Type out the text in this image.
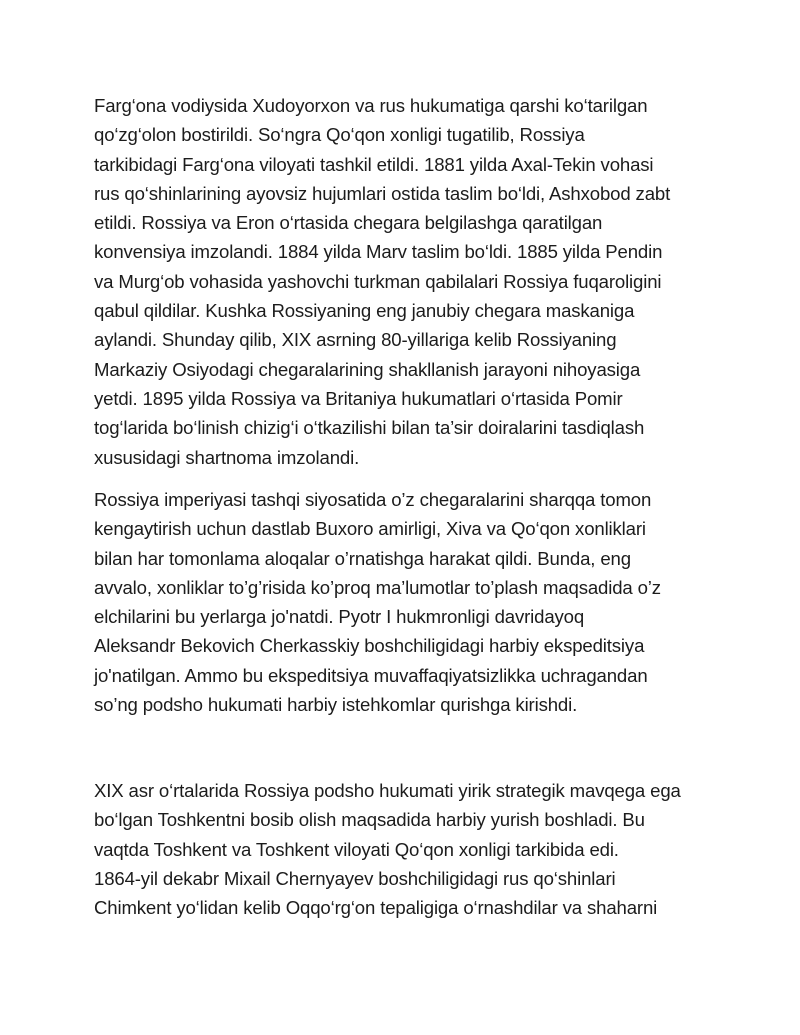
Farg‘ona vodiysida Xudoyorxon va rus hukumatiga qarshi ko‘tarilgan
qo‘zg‘olon bostirildi. So‘ngra Qo‘qon xonligi tugatilib, Rossiya
tarkibidagi Farg‘ona viloyati tashkil etildi. 1881 yilda Axal-Tekin vohasi
rus qo‘shinlarining ayovsiz hujumlari ostida taslim bo‘ldi, Ashxobod zabt
etildi. Rossiya va Eron o‘rtasida chegara belgilashga qaratilgan
konvensiya imzolandi. 1884 yilda Marv taslim bo‘ldi. 1885 yilda Pendin
va Murg‘ob vohasida yashovchi turkman qabilalari Rossiya fuqaroligini
qabul qildilar. Kushka Rossiyaning eng janubiy chegara maskaniga
aylandi. Shunday qilib, XIX asrning 80-yillariga kelib Rossiyaning
Markaziy Osiyodagi chegaralarining shakllanish jarayoni nihoyasiga
yetdi. 1895 yilda Rossiya va Britaniya hukumatlari o‘rtasida Pomir
tog‘larida bo‘linish chizig‘i o‘tkazilishi bilan ta’sir doiralarini tasdiqlash
xususidagi shartnoma imzolandi.
Rossiya imperiyasi tashqi siyosatida o’z chegaralarini sharqqa tomon
kengaytirish uchun dastlab Buxoro amirligi, Xiva va Qo‘qon xonliklari
bilan har tomonlama aloqalar o’rnatishga harakat qildi. Bunda, eng
avvalo, xonliklar to’g’risida ko’proq ma’lumotlar to’plash maqsadida o’z
elchilarini bu yerlarga jo'natdi. Pyotr I hukmronligi davridayoq
Aleksandr Bekovich Cherkasskiy boshchiligidagi harbiy ekspeditsiya
jo'natilgan. Ammo bu ekspeditsiya muvaffaqiyatsizlikka uchragandan
so’ng podsho hukumati harbiy istehkomlar qurishga kirishdi.
XIX asr o‘rtalarida Rossiya podsho hukumati yirik strategik mavqega ega
bo‘lgan Toshkentni bosib olish maqsadida harbiy yurish boshladi. Bu
vaqtda Toshkent va Toshkent viloyati Qo‘qon xonligi tarkibida edi.
1864-yil dekabr Mixail Chernyayev boshchiligidagi rus qo‘shinlari
Chimkent yo‘lidan kelib Oqqo‘rg‘on tepaligiga o‘rnashdilar va shaharni
